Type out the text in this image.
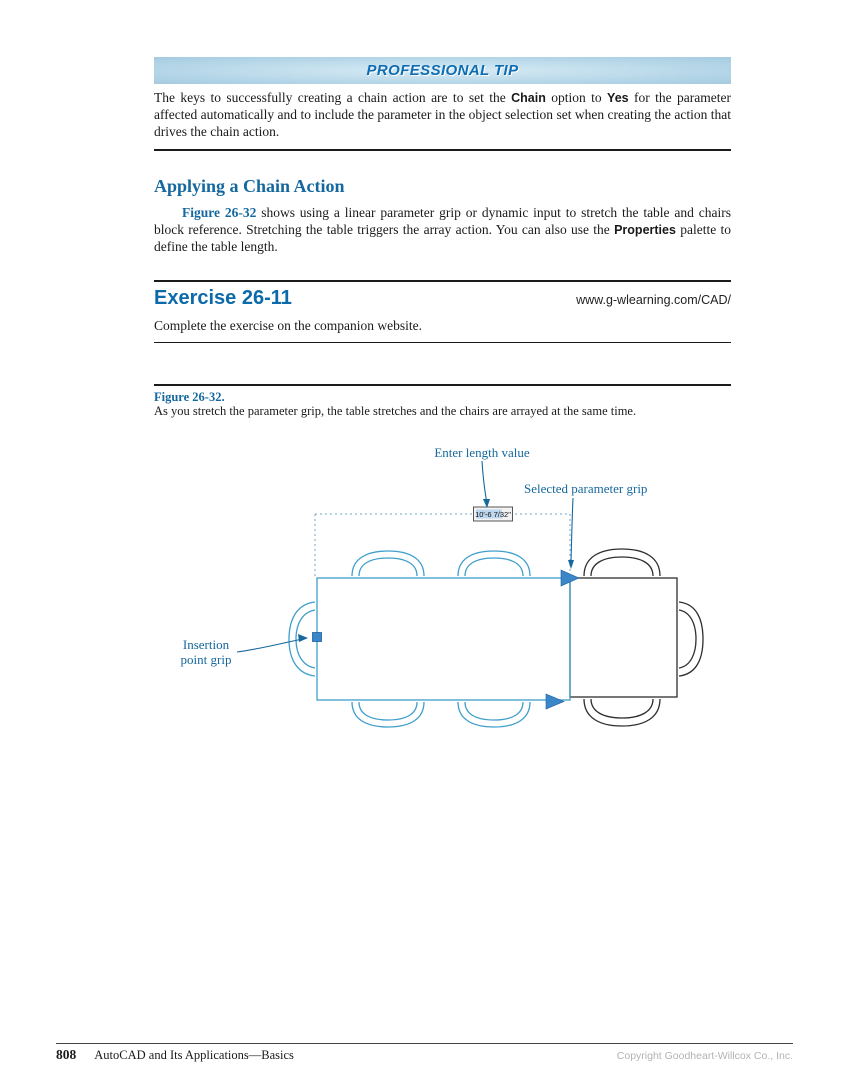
PROFESSIONAL TIP

The keys to successfully creating a chain action are to set the Chain option to Yes for the parameter affected automatically and to include the parameter in the object selection set when creating the action that drives the chain action.

Applying a Chain Action

Figure 26-32 shows using a linear parameter grip or dynamic input to stretch the table and chairs block reference. Stretching the table triggers the array action. You can also use the Properties palette to define the table length.

Exercise 26-11	www.g-wlearning.com/CAD/

Complete the exercise on the companion website.

Figure 26-32.
As you stretch the parameter grip, the table stretches and the chairs are arrayed at the same time.
10'-6 7/32"
Enter length value
Selected parameter grip
Insertion
point grip
808 AutoCAD and Its Applications—Basics	Copyright Goodheart-Willcox Co., Inc.
